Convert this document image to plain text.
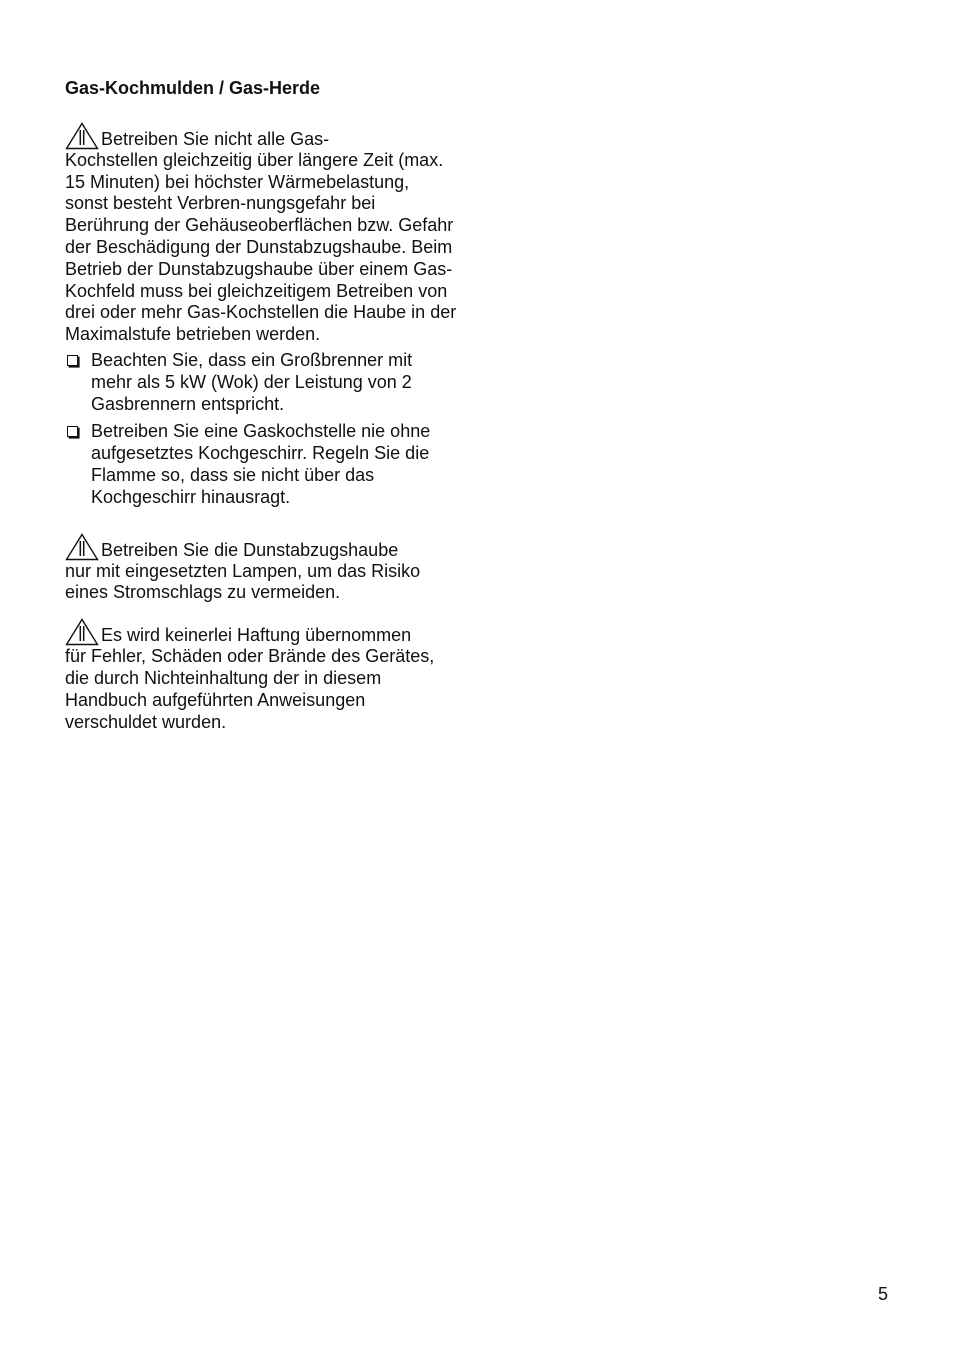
Gas-Kochmulden / Gas-Herde
Betreiben Sie nicht alle Gas-
Kochstellen gleichzeitig über längere Zeit (max. 15 Minuten) bei höchster Wärmebelastung, sonst besteht Verbren-nungsgefahr bei Berührung der Gehäuseoberflächen bzw. Gefahr der Beschädigung der Dunstabzugshaube. Beim Betrieb der Dunstabzugshaube über einem Gas-Kochfeld muss bei gleichzeitigem Betreiben von drei oder mehr Gas-Kochstellen die Haube in der Maximalstufe betrieben werden.
Beachten Sie, dass ein Großbrenner mit mehr als 5 kW (Wok) der Leistung von 2 Gasbrennern entspricht.
Betreiben Sie eine Gaskochstelle nie ohne aufgesetztes Kochgeschirr. Regeln Sie die Flamme so, dass sie nicht über das Kochgeschirr hinausragt.
Betreiben Sie die Dunstabzugshaube
nur mit eingesetzten Lampen, um das Risiko eines Stromschlags zu vermeiden.
Es wird keinerlei Haftung übernommen
für Fehler, Schäden oder Brände des Gerätes, die durch Nichteinhaltung der in diesem Handbuch aufgeführten Anweisungen verschuldet wurden.
5
